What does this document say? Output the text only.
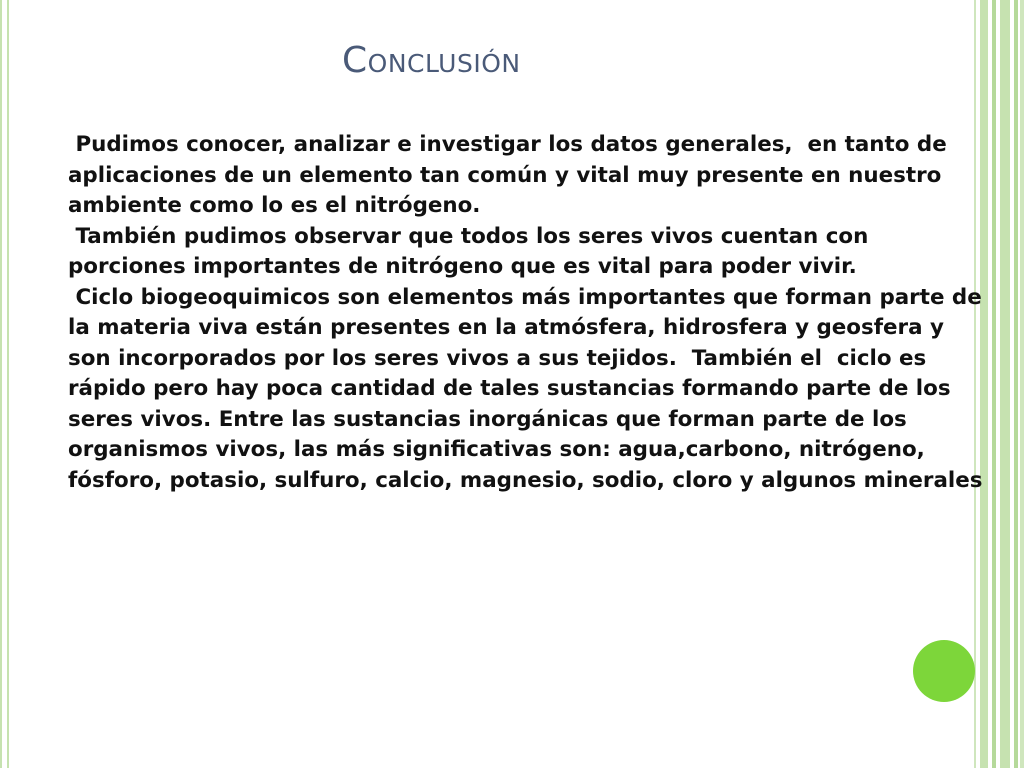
Conclusión

Pudimos conocer, analizar e investigar los datos generales,  en tanto de aplicaciones de un elemento tan común y vital muy presente en nuestro ambiente como lo es el nitrógeno.

También pudimos observar que todos los seres vivos cuentan con porciones importantes de nitrógeno que es vital para poder vivir.

Ciclo biogeoquimicos son elementos más importantes que forman parte de la materia viva están presentes en la atmósfera, hidrosfera y geosfera y son incorporados por los seres vivos a sus tejidos.  También el  ciclo es rápido pero hay poca cantidad de tales sustancias formando parte de los seres vivos. Entre las sustancias inorgánicas que forman parte de los organismos vivos, las más significativas son: agua,carbono, nitrógeno, fósforo, potasio, sulfuro, calcio, magnesio, sodio, cloro y algunos minerales
